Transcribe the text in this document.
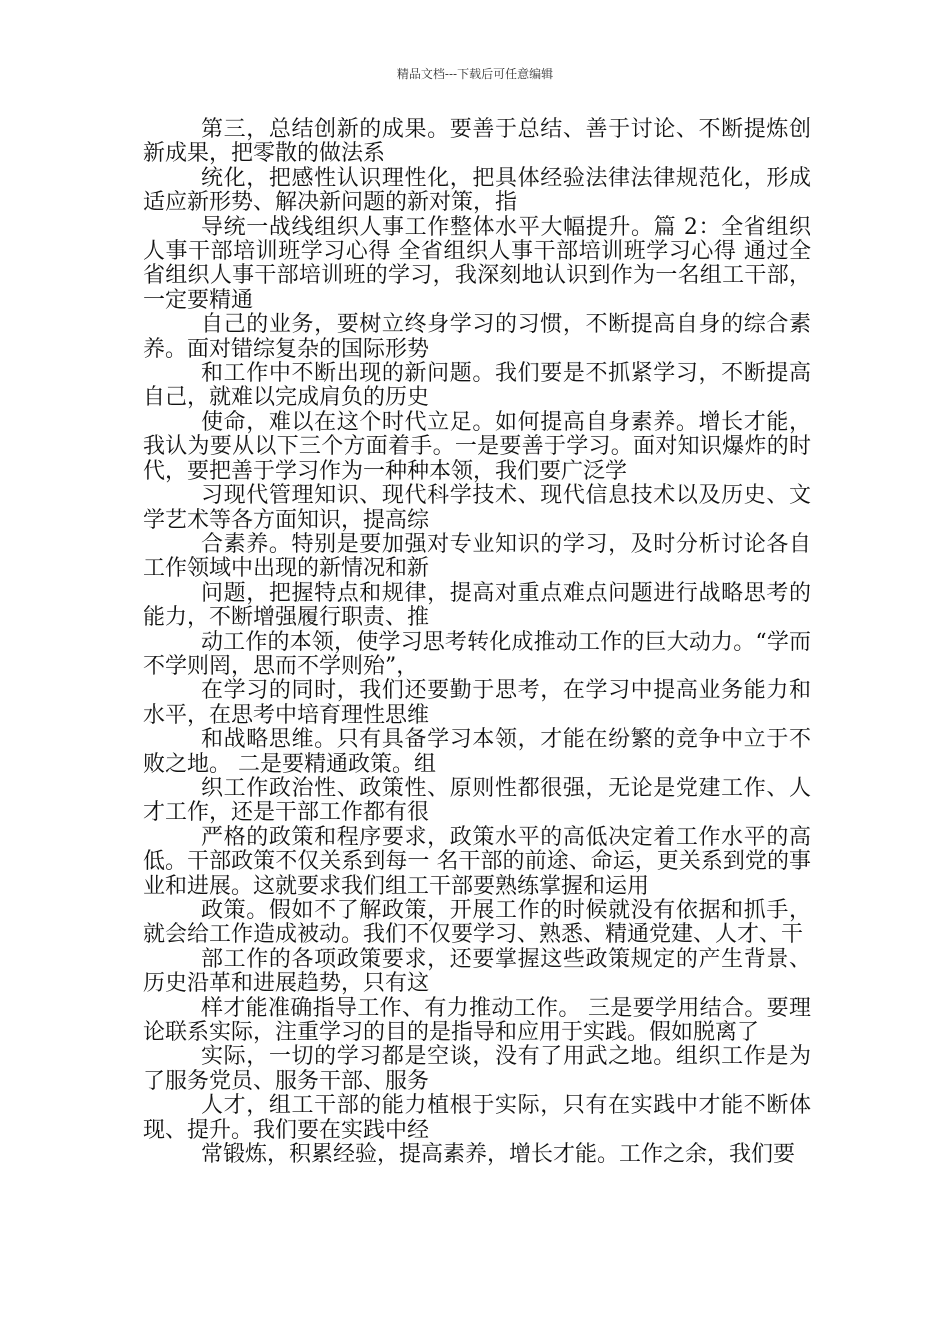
精品文档---下载后可任意编辑

第三，总结创新的成果。要善于总结、善于讨论、不断提炼创新成果，把零散的做法系

统化，把感性认识理性化，把具体经验法律法律规范化，形成适应新形势、解决新问题的新对策，指

导统一战线组织人事工作整体水平大幅提升。篇 2：全省组织人事干部培训班学习心得 全省组织人事干部培训班学习心得 通过全省组织人事干部培训班的学习，我深刻地认识到作为一名组工干部，一定要精通

自己的业务，要树立终身学习的习惯，不断提高自身的综合素养。面对错综复杂的国际形势

和工作中不断出现的新问题。我们要是不抓紧学习，不断提高自己，就难以完成肩负的历史

使命，难以在这个时代立足。如何提高自身素养。增长才能，我认为要从以下三个方面着手。一是要善于学习。面对知识爆炸的时代，要把善于学习作为一种种本领，我们要广泛学

习现代管理知识、现代科学技术、现代信息技术以及历史、文学艺术等各方面知识，提高综

合素养。特别是要加强对专业知识的学习，及时分析讨论各自工作领域中出现的新情况和新

问题，把握特点和规律，提高对重点难点问题进行战略思考的能力，不断增强履行职责、推

动工作的本领，使学习思考转化成推动工作的巨大动力。“学而不学则罔，思而不学则殆”，

在学习的同时，我们还要勤于思考，在学习中提高业务能力和水平，在思考中培育理性思维

和战略思维。只有具备学习本领，才能在纷繁的竞争中立于不败之地。 二是要精通政策。组

织工作政治性、政策性、原则性都很强，无论是党建工作、人才工作，还是干部工作都有很

严格的政策和程序要求，政策水平的高低决定着工作水平的高低。干部政策不仅关系到每一 名干部的前途、命运，更关系到党的事业和进展。这就要求我们组工干部要熟练掌握和运用

政策。假如不了解政策，开展工作的时候就没有依据和抓手，就会给工作造成被动。我们不仅要学习、熟悉、精通党建、人才、干

部工作的各项政策要求，还要掌握这些政策规定的产生背景、历史沿革和进展趋势，只有这

样才能准确指导工作、有力推动工作。 三是要学用结合。要理论联系实际，注重学习的目的是指导和应用于实践。假如脱离了

实际，一切的学习都是空谈，没有了用武之地。组织工作是为了服务党员、服务干部、服务

人才，组工干部的能力植根于实际，只有在实践中才能不断体现、提升。我们要在实践中经

常锻炼，积累经验，提高素养，增长才能。工作之余，我们要
